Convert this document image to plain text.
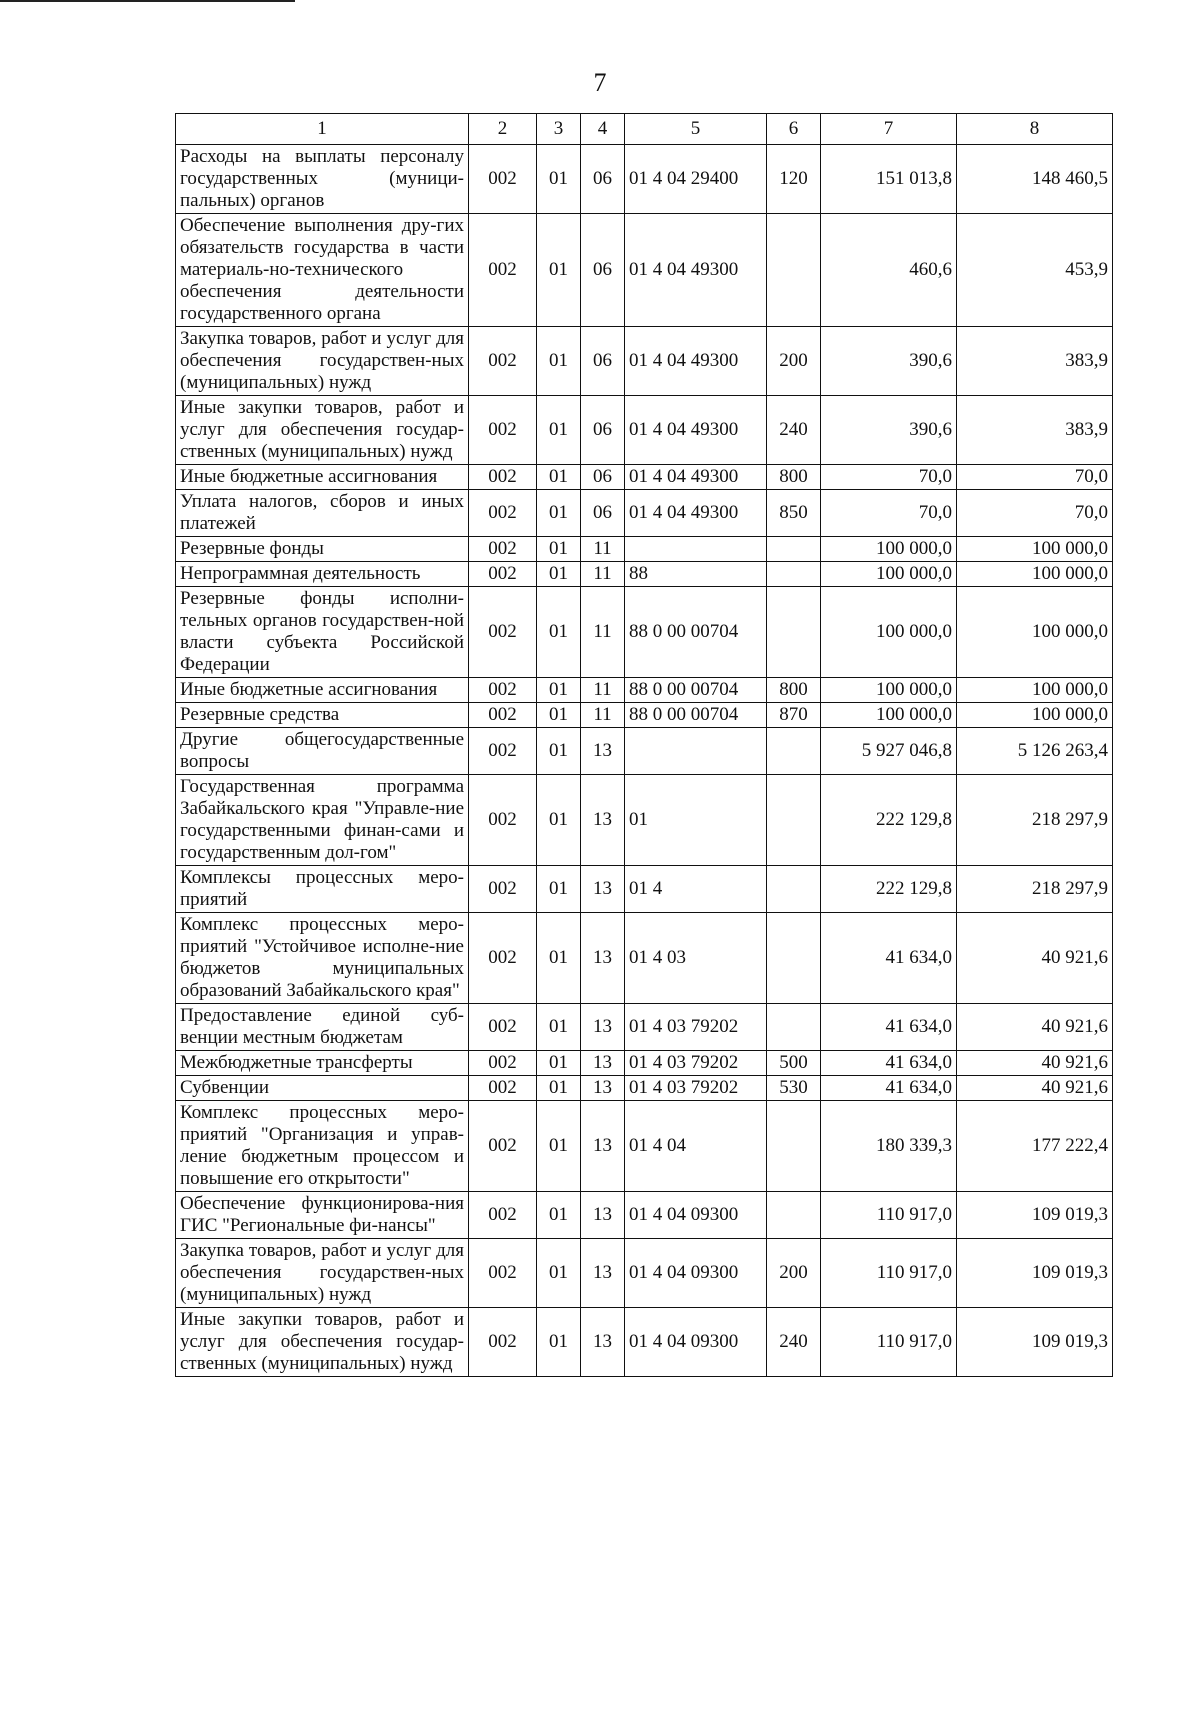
7
1	2	3	4	5	6	7	8
Расходы на выплаты персоналу государственных (муници-пальных) органов	002	01	06	01 4 04 29400	120	151 013,8	148 460,5
Обеспечение выполнения дру-гих обязательств государства в части материаль-но-технического обеспечения деятельности государственного органа	002	01	06	01 4 04 49300		460,6	453,9
Закупка товаров, работ и услуг для обеспечения государствен-ных (муниципальных) нужд	002	01	06	01 4 04 49300	200	390,6	383,9
Иные закупки товаров, работ и услуг для обеспечения государ-ственных (муниципальных) нужд	002	01	06	01 4 04 49300	240	390,6	383,9
Иные бюджетные ассигнования	002	01	06	01 4 04 49300	800	70,0	70,0
Уплата налогов, сборов и иных платежей	002	01	06	01 4 04 49300	850	70,0	70,0
Резервные фонды	002	01	11			100 000,0	100 000,0
Непрограммная деятельность	002	01	11	88		100 000,0	100 000,0
Резервные фонды исполни-тельных органов государствен-ной власти субъекта Российской Федерации	002	01	11	88 0 00 00704		100 000,0	100 000,0
Иные бюджетные ассигнования	002	01	11	88 0 00 00704	800	100 000,0	100 000,0
Резервные средства	002	01	11	88 0 00 00704	870	100 000,0	100 000,0
Другие общегосударственные вопросы	002	01	13			5 927 046,8	5 126 263,4
Государственная программа Забайкальского края "Управле-ние государственными финан-сами и государственным дол-гом"	002	01	13	01		222 129,8	218 297,9
Комплексы процессных меро-приятий	002	01	13	01 4		222 129,8	218 297,9
Комплекс процессных меро-приятий "Устойчивое исполне-ние бюджетов муниципальных образований Забайкальского края"	002	01	13	01 4 03		41 634,0	40 921,6
Предоставление единой суб-венции местным бюджетам	002	01	13	01 4 03 79202		41 634,0	40 921,6
Межбюджетные трансферты	002	01	13	01 4 03 79202	500	41 634,0	40 921,6
Субвенции	002	01	13	01 4 03 79202	530	41 634,0	40 921,6
Комплекс процессных меро-приятий "Организация и управ-ление бюджетным процессом и повышение его открытости"	002	01	13	01 4 04		180 339,3	177 222,4
Обеспечение функционирова-ния ГИС "Региональные фи-нансы"	002	01	13	01 4 04 09300		110 917,0	109 019,3
Закупка товаров, работ и услуг для обеспечения государствен-ных (муниципальных) нужд	002	01	13	01 4 04 09300	200	110 917,0	109 019,3
Иные закупки товаров, работ и услуг для обеспечения государ-ственных (муниципальных) нужд	002	01	13	01 4 04 09300	240	110 917,0	109 019,3
